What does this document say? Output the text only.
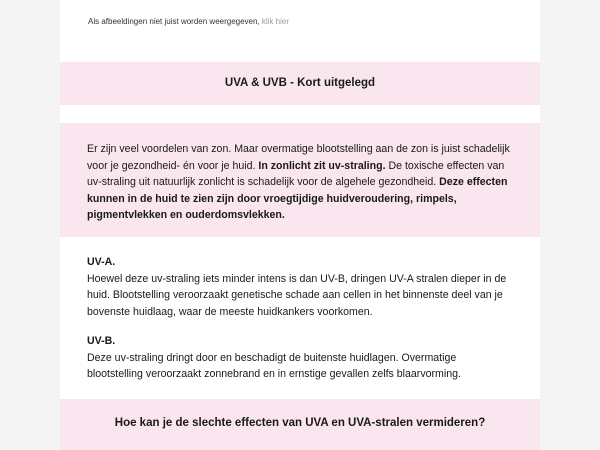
Als afbeeldingen niet juist worden weergegeven, klik hier
UVA & UVB - Kort uitgelegd
Er zijn veel voordelen van zon. Maar overmatige blootstelling aan de zon is juist schadelijk voor je gezondheid- én voor je huid. In zonlicht zit uv-straling. De toxische effecten van uv-straling uit natuurlijk zonlicht is schadelijk voor de algehele gezondheid. Deze effecten kunnen in de huid te zien zijn door vroegtijdige huidveroudering, rimpels, pigmentvlekken en ouderdomsvlekken.
UV-A.
Hoewel deze uv-straling iets minder intens is dan UV-B, dringen UV-A stralen dieper in de huid. Blootstelling veroorzaakt genetische schade aan cellen in het binnenste deel van je bovenste huidlaag, waar de meeste huidkankers voorkomen.
UV-B.
Deze uv-straling dringt door en beschadigt de buitenste huidlagen. Overmatige blootstelling veroorzaakt zonnebrand en in ernstige gevallen zelfs blaarvorming.
Hoe kan je de slechte effecten van UVA en UVA-stralen vermideren?
